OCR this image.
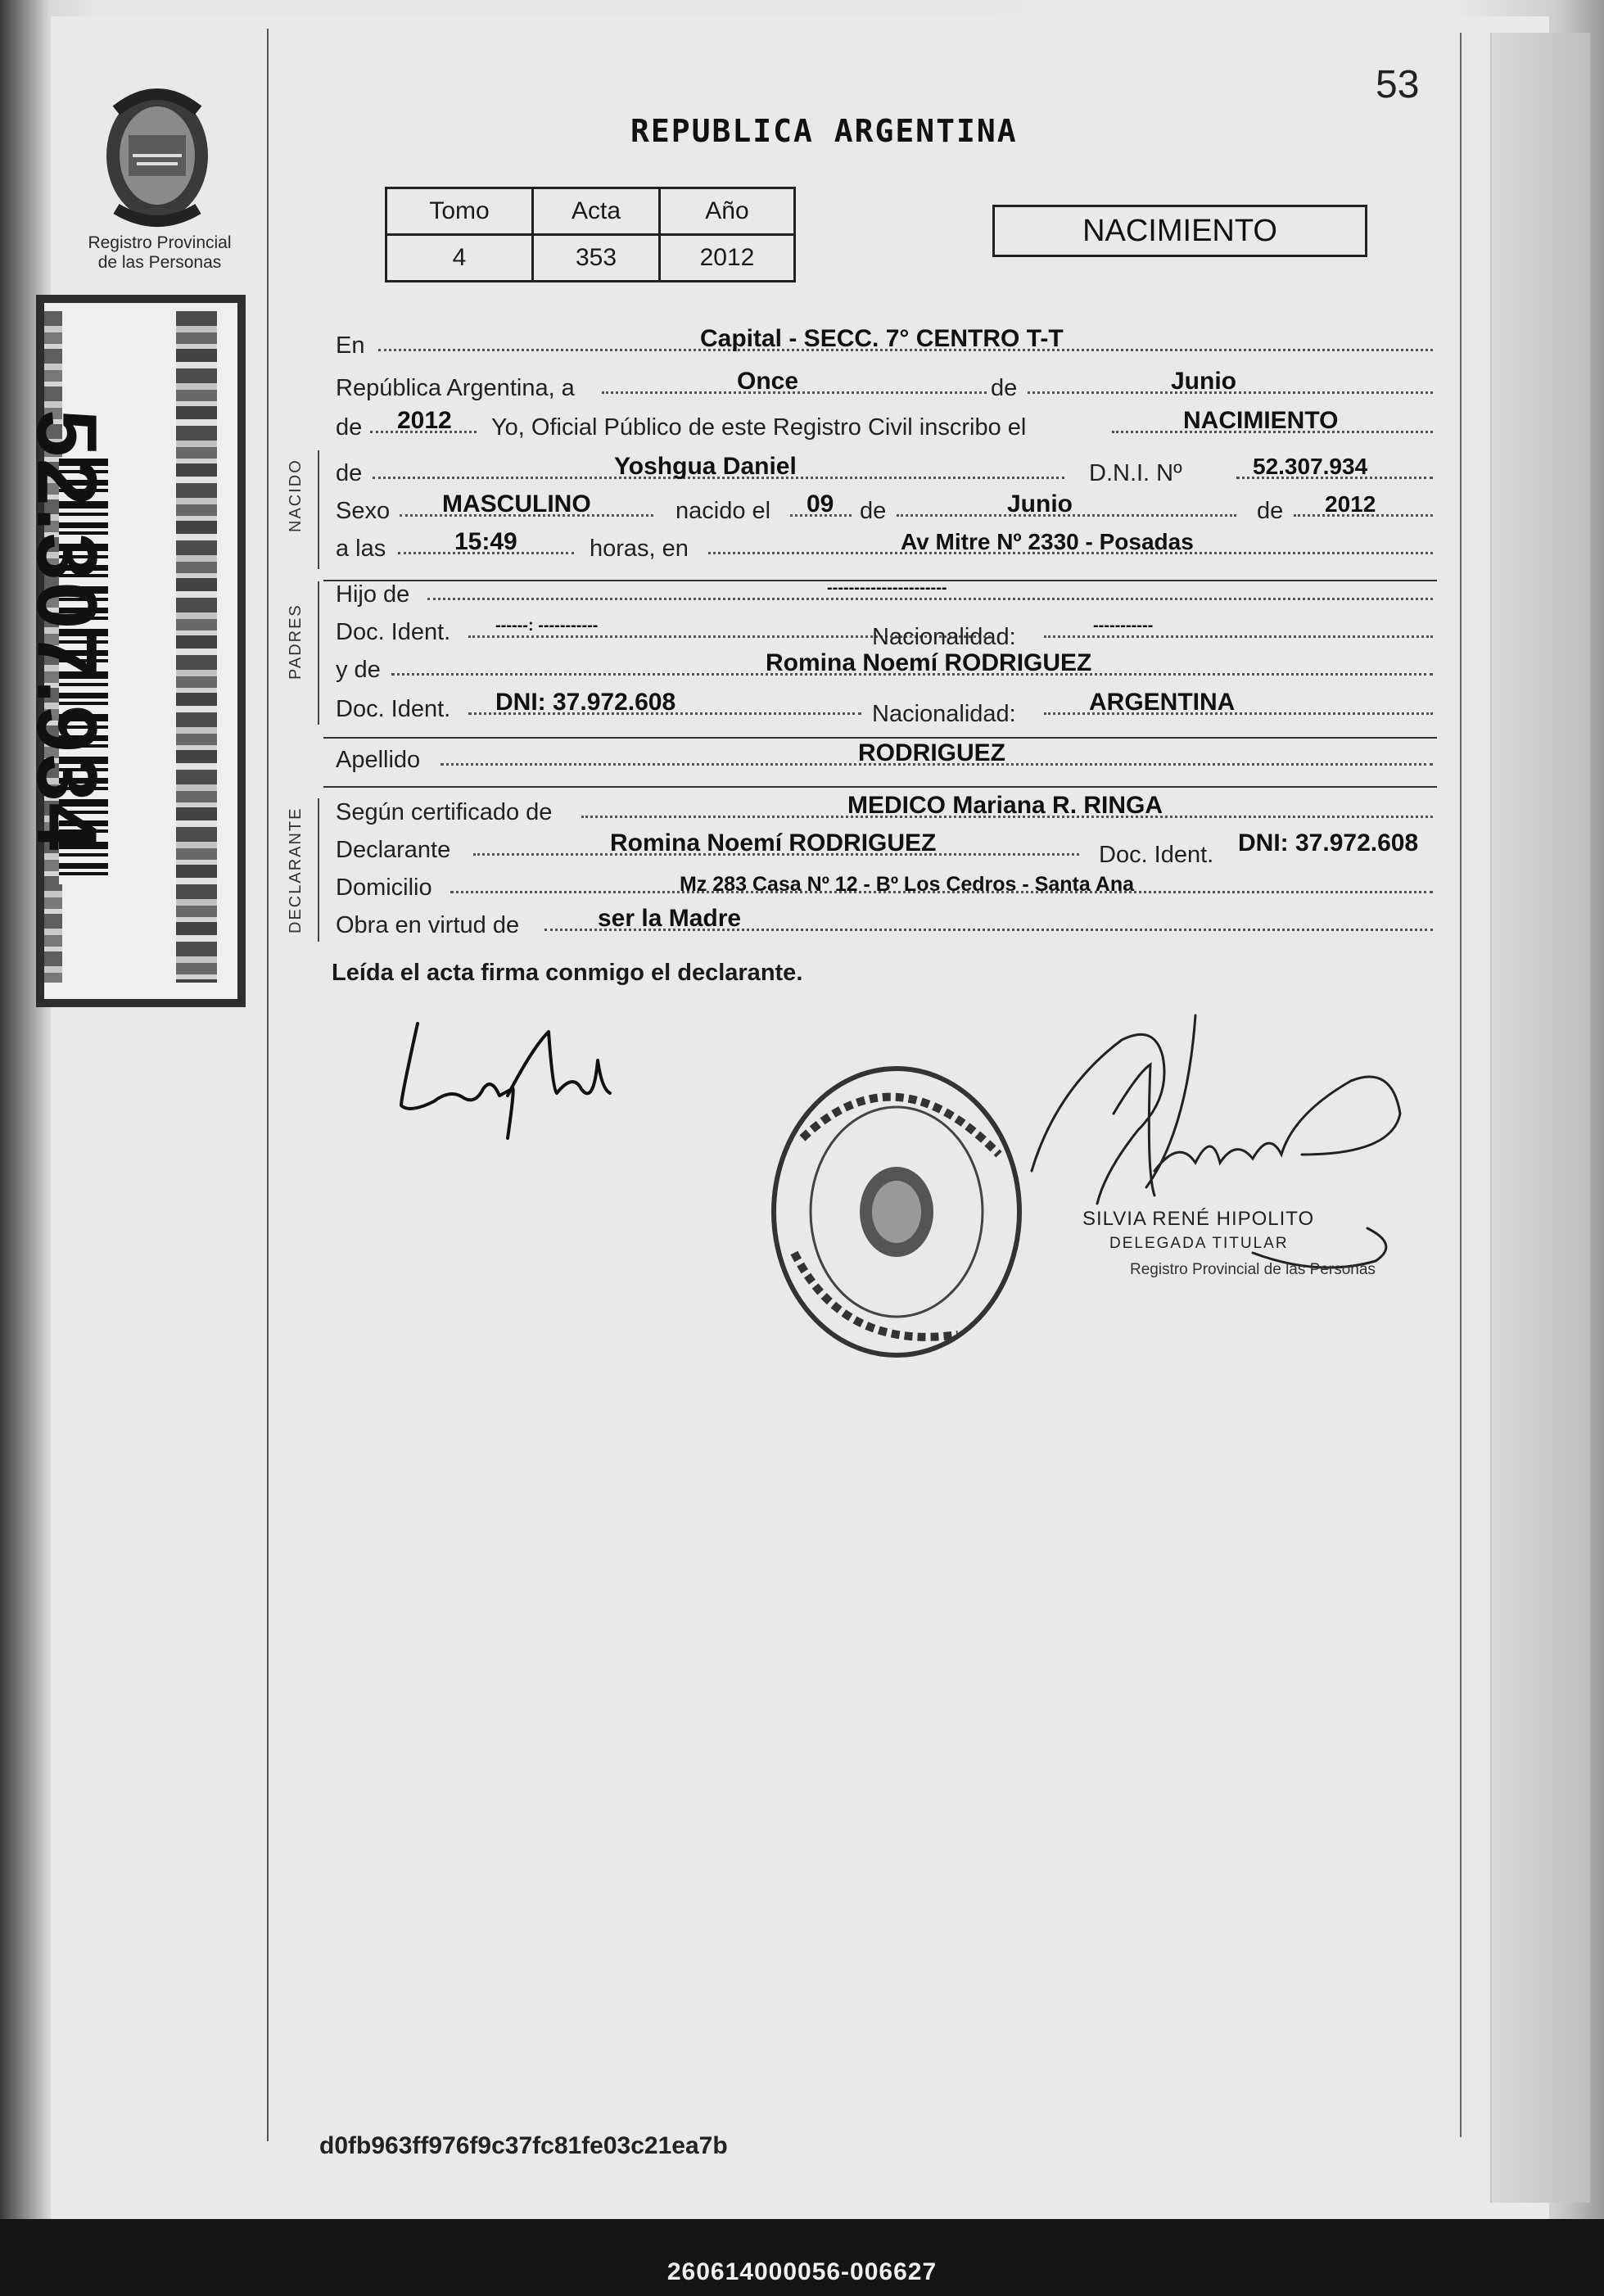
Registro Provincial
de las Personas
52.307.934
53
REPUBLICA ARGENTINA
Tomo	Acta	Año
4	353	2012
NACIMIENTO
En	Capital - SECC. 7° CENTRO T-T
República Argentina, a	Once	de	Junio
de 2012 Yo, Oficial Público de este Registro Civil inscribo el	NACIMIENTO
NACIDO de	Yoshgua Daniel	D.N.I. Nº	52.307.934
Sexo MASCULINO	nacido el 09 de	Junio	de 2012
a las	15:49	horas, en	Av Mitre Nº 2330 - Posadas
PADRES
Hijo de	----------------------
Doc. Ident.	------: -----------	Nacionalidad:	-----------
y de	Romina Noemí RODRIGUEZ
Doc. Ident. DNI: 37.972.608	Nacionalidad:	ARGENTINA
Apellido	RODRIGUEZ
DECLARANTE Según certificado de	MEDICO Mariana R. RINGA
Declarante	Romina Noemí RODRIGUEZ	Doc. Ident. DNI: 37.972.608
Domicilio	Mz 283 Casa Nº 12 - Bº Los Cedros - Santa Ana
Obra en virtud de	ser la Madre
Leída el acta firma conmigo el declarante.
SILVIA RENÉ HIPOLITO
DELEGADA TITULAR
Registro Provincial de las Personas
d0fb963ff976f9c37fc81fe03c21ea7b
260614000056-006627
